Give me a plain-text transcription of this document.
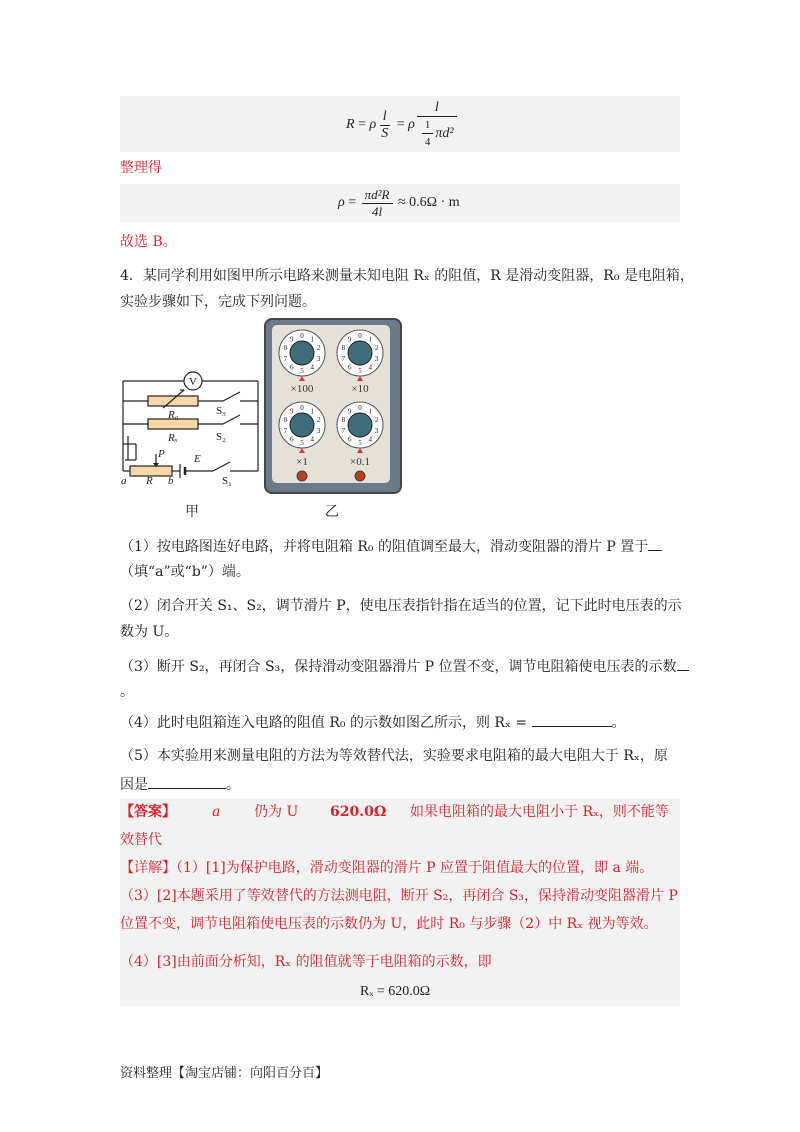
R = ρ $\frac{l}{S} = \rho \frac{l}{\frac{1}{4} \pi d^2}$
整理得
$\rho = \frac{\text{πd²R}}{4l}$
≈ 0.6Ω · m
故选 B。
4．某同学利用如图甲所示电路来测量未知电阻 Rₓ 的阻值，R 是滑动变阻器，R₀ 是电阻箱，
实验步骤如下，完成下列问题。
V
R₀	S₃
Rₓ	S₂
P	E
a R b	S₁
×100	×10
×1	×0.1
0 1
2
3
4
5
6
7
8
9	0 1
2
3
4
5
6
7
8
9
0 1
2
3
4
5
6
7
8
9	0 1
2
3
4
5
6
7
8
9
甲	乙
（1）按电路图连好电路，并将电阻箱 R₀ 的阻值调至最大，滑动变阻器的滑片 P 置于
（填“a”或“b”）端。
（2）闭合开关 S₁、S₂，调节滑片 P，使电压表指针指在适当的位置，记下此时电压表的示
数为 U。
（3）断开 S₂，再闭合 S₃，保持滑动变阻器滑片 P 位置不变，调节电阻箱使电压表的示数
。
（4）此时电阻箱连入电路的阻值 R₀ 的示数如图乙所示，则 Rₓ =	。
（5）本实验用来测量电阻的方法为等效替代法，实验要求电阻箱的最大电阻大于 Rₓ，原
因是	。
【答案】	a 仍为 U 620.0Ω 如果电阻箱的最大电阻小于 Rₓ，则不能等
效替代
【详解】（1）[1]为保护电路，滑动变阻器的滑片 P 应置于阻值最大的位置，即 a 端。
（3）[2]本题采用了等效替代的方法测电阻，断开 S₂，再闭合 S₃，保持滑动变阻器滑片 P
位置不变，调节电阻箱使电压表的示数仍为 U，此时 R₀ 与步骤（2）中 Rₓ 视为等效。
（4）[3]由前面分析知，Rₓ 的阻值就等于电阻箱的示数，即
Rₓ = 620.0Ω
资料整理【淘宝店铺：向阳百分百】
